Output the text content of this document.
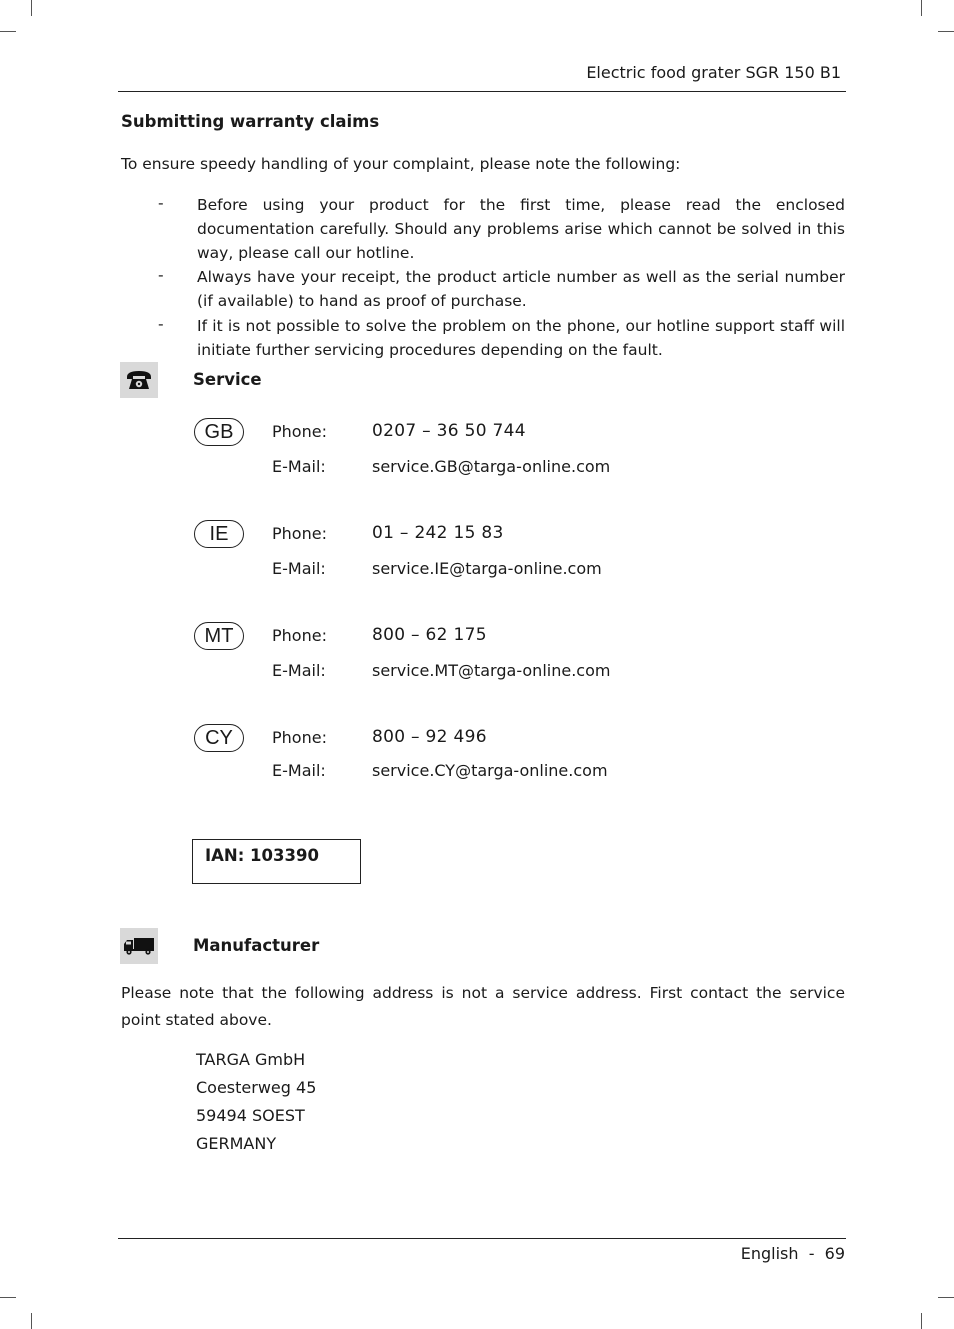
Electric food grater SGR 150 B1
Submitting warranty claims
To ensure speedy handling of your complaint, please note the following:
- Before using your product for the first time, please read the enclosed documentation carefully. Should any problems arise which cannot be solved in this way, please call our hotline.
- Always have your receipt, the product article number as well as the serial number (if available) to hand as proof of purchase.
- If it is not possible to solve the problem on the phone, our hotline support staff will initiate further servicing procedures depending on the fault.
Service
GB	Phone:	0207 – 36 50 744
E-Mail:	service.GB@targa-online.com
IE	Phone:	01 – 242 15 83
E-Mail:	service.IE@targa-online.com
MT	Phone:	800 – 62 175
E-Mail:	service.MT@targa-online.com
CY	Phone:	800 – 92 496
E-Mail:	service.CY@targa-online.com
IAN: 103390
Manufacturer
Please note that the following address is not a service address. First contact the service point stated above.
TARGA GmbH
Coesterweg 45
59494 SOEST
GERMANY
English  -  69
